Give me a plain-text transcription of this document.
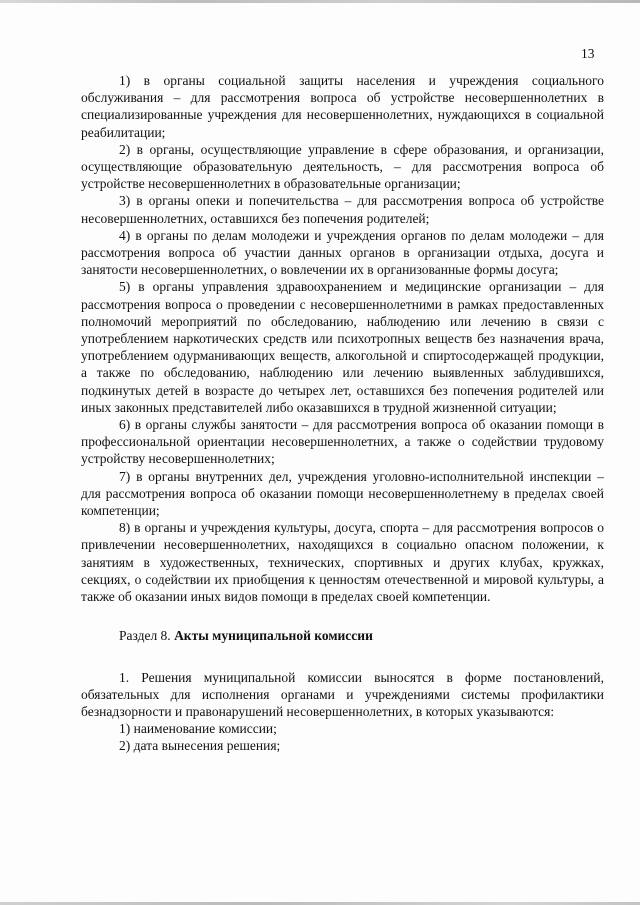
13

1) в органы социальной защиты населения и учреждения социального обслуживания – для рассмотрения вопроса об устройстве несовершеннолетних в специализированные учреждения для несовершеннолетних, нуждающихся в социальной реабилитации;

2) в органы, осуществляющие управление в сфере образования, и организации, осуществляющие образовательную деятельность, – для рассмотрения вопроса об устройстве несовершеннолетних в образовательные организации;

3) в органы опеки и попечительства – для рассмотрения вопроса об устройстве несовершеннолетних, оставшихся без попечения родителей;

4) в органы по делам молодежи и учреждения органов по делам молодежи – для рассмотрения вопроса об участии данных органов в организации отдыха, досуга и занятости несовершеннолетних, о вовлечении их в организованные формы досуга;

5) в органы управления здравоохранением и медицинские организации – для рассмотрения вопроса о проведении с несовершеннолетними в рамках предоставленных полномочий мероприятий по обследованию, наблюдению или лечению в связи с употреблением наркотических средств или психотропных веществ без назначения врача, употреблением одурманивающих веществ, алкогольной и спиртосодержащей продукции, а также по обследованию, наблюдению или лечению выявленных заблудившихся, подкинутых детей в возрасте до четырех лет, оставшихся без попечения родителей или иных законных представителей либо оказавшихся в трудной жизненной ситуации;

6) в органы службы занятости – для рассмотрения вопроса об оказании помощи в профессиональной ориентации несовершеннолетних, а также о содействии трудовому устройству несовершеннолетних;

7) в органы внутренних дел, учреждения уголовно-исполнительной инспекции – для рассмотрения вопроса об оказании помощи несовершеннолетнему в пределах своей компетенции;

8) в органы и учреждения культуры, досуга, спорта – для рассмотрения вопросов о привлечении несовершеннолетних, находящихся в социально опасном положении, к занятиям в художественных, технических, спортивных и других клубах, кружках, секциях, о содействии их приобщения к ценностям отечественной и мировой культуры, а также об оказании иных видов помощи в пределах своей компетенции.

Раздел 8. Акты муниципальной комиссии

1. Решения муниципальной комиссии выносятся в форме постановлений, обязательных для исполнения органами и учреждениями системы профилактики безнадзорности и правонарушений несовершеннолетних, в которых указываются:

1) наименование комиссии;

2) дата вынесения решения;
